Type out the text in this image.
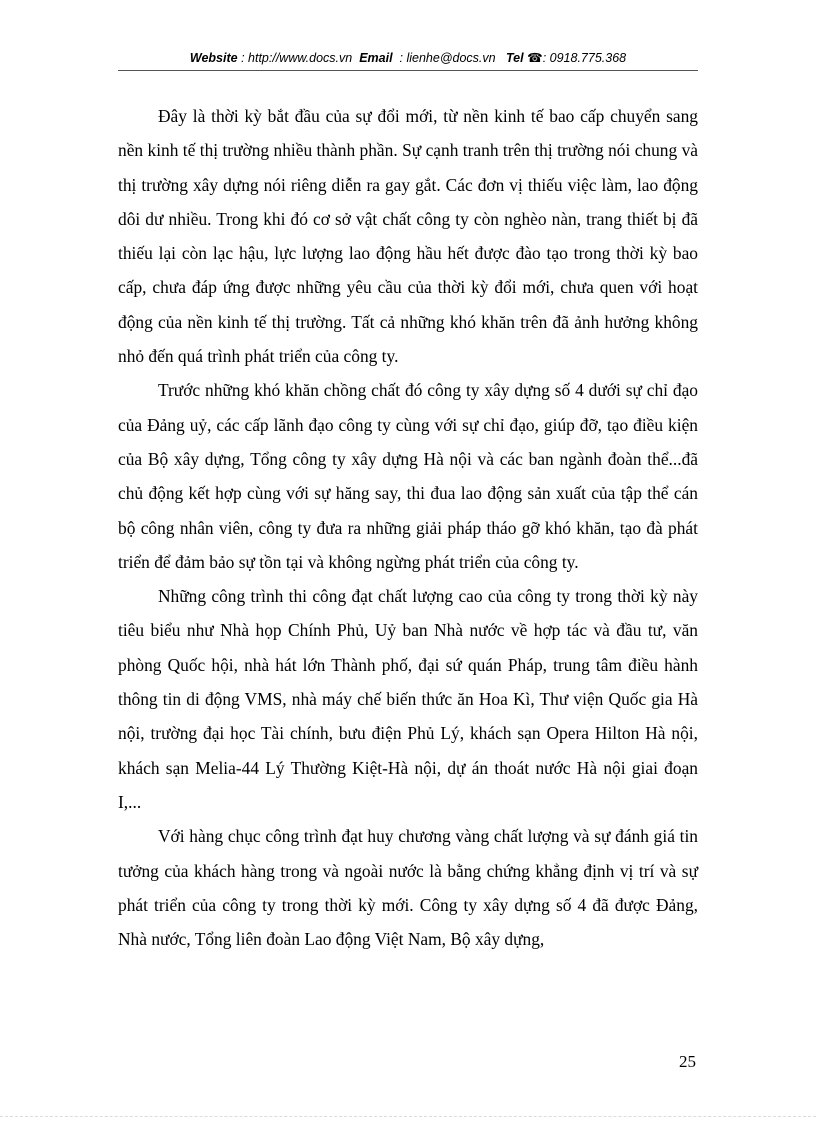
Website : http://www.docs.vn Email : lienhe@docs.vn Tel ☎: 0918.775.368

Đây là thời kỳ bắt đầu của sự đổi mới, từ nền kinh tế bao cấp chuyển sang nền kinh tế thị trường nhiều thành phần. Sự cạnh tranh trên thị trường nói chung và thị trường xây dựng nói riêng diễn ra gay gắt. Các đơn vị thiếu việc làm, lao động dôi dư nhiều. Trong khi đó cơ sở vật chất công ty còn nghèo nàn, trang thiết bị đã thiếu lại còn lạc hậu, lực lượng lao động hầu hết được đào tạo trong thời kỳ bao cấp, chưa đáp ứng được những yêu cầu của thời kỳ đổi mới, chưa quen với hoạt động của nền kinh tế thị trường. Tất cả những khó khăn trên đã ảnh hưởng không nhỏ đến quá trình phát triển của công ty.

Trước những khó khăn chồng chất đó công ty xây dựng số 4 dưới sự chỉ đạo của Đảng uỷ, các cấp lãnh đạo công ty cùng với sự chỉ đạo, giúp đỡ, tạo điều kiện của Bộ xây dựng, Tổng công ty xây dựng Hà nội và các ban ngành đoàn thể...đã chủ động kết hợp cùng với sự hăng say, thi đua lao động sản xuất của tập thể cán bộ công nhân viên, công ty đưa ra những giải pháp tháo gỡ khó khăn, tạo đà phát triển để đảm bảo sự tồn tại và không ngừng phát triển của công ty.

Những công trình thi công đạt chất lượng cao của công ty trong thời kỳ này tiêu biểu như Nhà họp Chính Phủ, Uỷ ban Nhà nước về hợp tác và đầu tư, văn phòng Quốc hội, nhà hát lớn Thành phố, đại sứ quán Pháp, trung tâm điều hành thông tin di động VMS, nhà máy chế biến thức ăn Hoa Kì, Thư viện Quốc gia Hà nội, trường đại học Tài chính, bưu điện Phủ Lý, khách sạn Opera Hilton Hà nội, khách sạn Melia-44 Lý Thường Kiệt-Hà nội, dự án thoát nước Hà nội giai đoạn I,...

Với hàng chục công trình đạt huy chương vàng chất lượng và sự đánh giá tin tưởng của khách hàng trong và ngoài nước là bằng chứng khẳng định vị trí và sự phát triển của công ty trong thời kỳ mới. Công ty xây dựng số 4 đã được Đảng, Nhà nước, Tổng liên đoàn Lao động Việt Nam, Bộ xây dựng,

25
